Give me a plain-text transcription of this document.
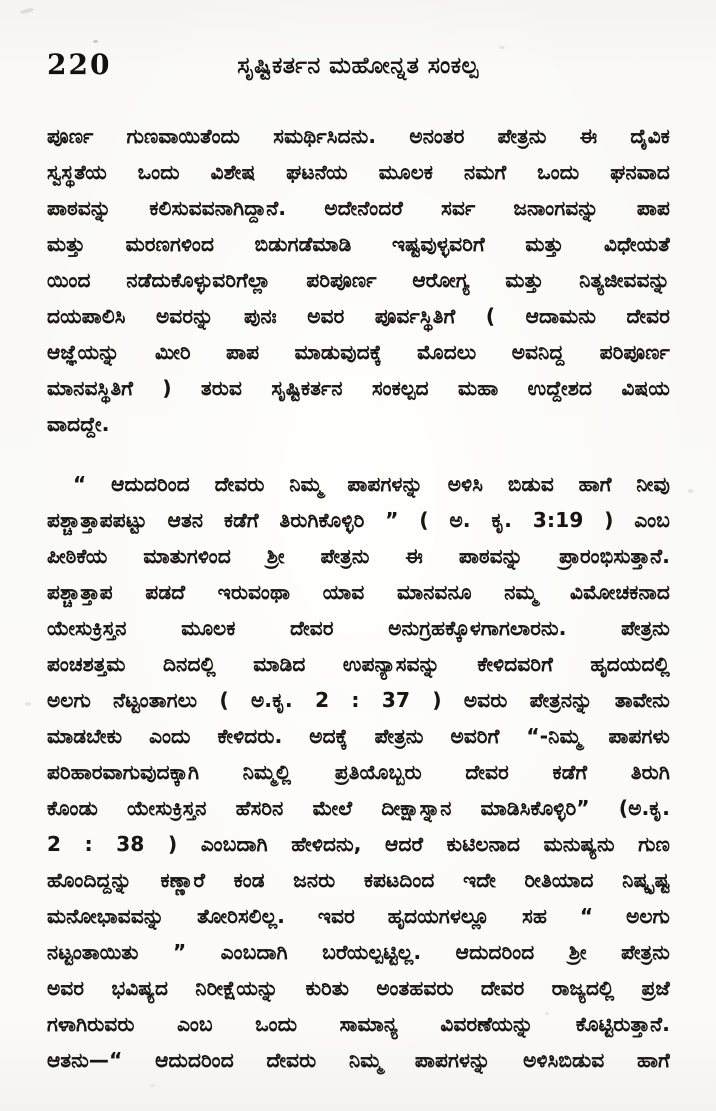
220	ಸೃಷ್ಟಿಕರ್ತನ ಮಹೋನ್ನತ ಸಂಕಲ್ಪ
ಪೂರ್ಣ ಗುಣವಾಯಿತೆಂದು ಸಮರ್ಥಿಸಿದನು. ಅನಂತರ ಪೇತ್ರನು ಈ ದೈವಿಕ
ಸ್ವಸ್ಥತೆಯ ಒಂದು ವಿಶೇಷ ಘಟನೆಯ ಮೂಲಕ ನಮಗೆ ಒಂದು ಘನವಾದ
ಪಾಠವನ್ನು ಕಲಿಸುವವನಾಗಿದ್ದಾನೆ. ಅದೇನೆಂದರೆ ಸರ್ವ ಜನಾಂಗವನ್ನು ಪಾಪ
ಮತ್ತು ಮರಣಗಳಿಂದ ಬಿಡುಗಡೆಮಾಡಿ ಇಷ್ಟವುಳ್ಳವರಿಗೆ ಮತ್ತು ವಿಧೇಯತೆ
ಯಿಂದ ನಡೆದುಕೊಳ್ಳುವರಿಗೆಲ್ಲಾ ಪರಿಪೂರ್ಣ ಆರೋಗ್ಯ ಮತ್ತು ನಿತ್ಯಜೀವವನ್ನು
ದಯಪಾಲಿಸಿ ಅವರನ್ನು ಪುನಃ ಅವರ ಪೂರ್ವಸ್ಥಿತಿಗೆ ( ಆದಾಮನು ದೇವರ
ಆಜ್ಞೆಯನ್ನು ಮೀರಿ ಪಾಪ ಮಾಡುವುದಕ್ಕೆ ಮೊದಲು ಅವನಿದ್ದ ಪರಿಪೂರ್ಣ
ಮಾನವಸ್ಥಿತಿಗೆ ) ತರುವ ಸೃಷ್ಟಿಕರ್ತನ ಸಂಕಲ್ಪದ ಮಹಾ ಉದ್ದೇಶದ ವಿಷಯ
ವಾದದ್ದೇ.
“ ಆದುದರಿಂದ ದೇವರು ನಿಮ್ಮ ಪಾಪಗಳನ್ನು ಅಳಿಸಿ ಬಿಡುವ ಹಾಗೆ ನೀವು
ಪಶ್ಚಾತ್ತಾಪಪಟ್ಟು ಆತನ ಕಡೆಗೆ ತಿರುಗಿಕೊಳ್ಳಿರಿ ” ( ಅ. ಕೃ. 3:19 ) ಎಂಬ
ಪೀಠಿಕೆಯ ಮಾತುಗಳಿಂದ ಶ್ರೀ ಪೇತ್ರನು ಈ ಪಾಠವನ್ನು ಪ್ರಾರಂಭಿಸುತ್ತಾನೆ.
ಪಶ್ಚಾತ್ತಾಪ ಪಡದೆ ಇರುವಂಥಾ ಯಾವ ಮಾನವನೂ ನಮ್ಮ ವಿಮೋಚಕನಾದ
ಯೇಸುಕ್ರಿಸ್ತನ ಮೂಲಕ ದೇವರ ಅನುಗ್ರಹಕ್ಕೊಳಗಾಗಲಾರನು. ಪೇತ್ರನು
ಪಂಚಶತ್ತಮ ದಿನದಲ್ಲಿ ಮಾಡಿದ ಉಪನ್ಯಾಸವನ್ನು ಕೇಳಿದವರಿಗೆ ಹೃದಯದಲ್ಲಿ
ಅಲಗು ನೆಟ್ಟಂತಾಗಲು ( ಅ.ಕೃ. 2 : 37 ) ಅವರು ಪೇತ್ರನನ್ನು ತಾವೇನು
ಮಾಡಬೇಕು ಎಂದು ಕೇಳಿದರು. ಅದಕ್ಕೆ ಪೇತ್ರನು ಅವರಿಗೆ “-ನಿಮ್ಮ ಪಾಪಗಳು
ಪರಿಹಾರವಾಗುವುದಕ್ಕಾಗಿ ನಿಮ್ಮಲ್ಲಿ ಪ್ರತಿಯೊಬ್ಬರು ದೇವರ ಕಡೆಗೆ ತಿರುಗಿ
ಕೊಂಡು ಯೇಸುಕ್ರಿಸ್ತನ ಹೆಸರಿನ ಮೇಲೆ ದೀಕ್ಷಾಸ್ನಾನ ಮಾಡಿಸಿಕೊಳ್ಳಿರಿ” (ಅ.ಕೃ.
2 : 38 ) ಎಂಬದಾಗಿ ಹೇಳಿದನು, ಆದರೆ ಕುಟಿಲನಾದ ಮನುಷ್ಯನು ಗುಣ
ಹೊಂದಿದ್ದನ್ನು ಕಣ್ಣಾರೆ ಕಂಡ ಜನರು ಕಪಟದಿಂದ ಇದೇ ರೀತಿಯಾದ ನಿಷ್ಕೃಷ್ಟ
ಮನೋಭಾವವನ್ನು ತೋರಿಸಲಿಲ್ಲ. ಇವರ ಹೃದಯಗಳಲ್ಲೂ ಸಹ “ ಅಲಗು
ನಟ್ಟಂತಾಯಿತು ” ಎಂಬದಾಗಿ ಬರೆಯಲ್ಪಟ್ಟಿಲ್ಲ. ಆದುದರಿಂದ ಶ್ರೀ ಪೇತ್ರನು
ಅವರ ಭವಿಷ್ಯದ ನಿರೀಕ್ಷೆಯನ್ನು ಕುರಿತು ಅಂತಹವರು ದೇವರ ರಾಜ್ಯದಲ್ಲಿ ಪ್ರಜೆ
ಗಳಾಗಿರುವರು ಎಂಬ ಒಂದು ಸಾಮಾನ್ಯ ವಿವರಣೆಯನ್ನು ಕೊಟ್ಟಿರುತ್ತಾನೆ.
ಆತನು—“ ಆದುದರಿಂದ ದೇವರು ನಿಮ್ಮ ಪಾಪಗಳನ್ನು ಅಳಿಸಿಬಿಡುವ ಹಾಗೆ
